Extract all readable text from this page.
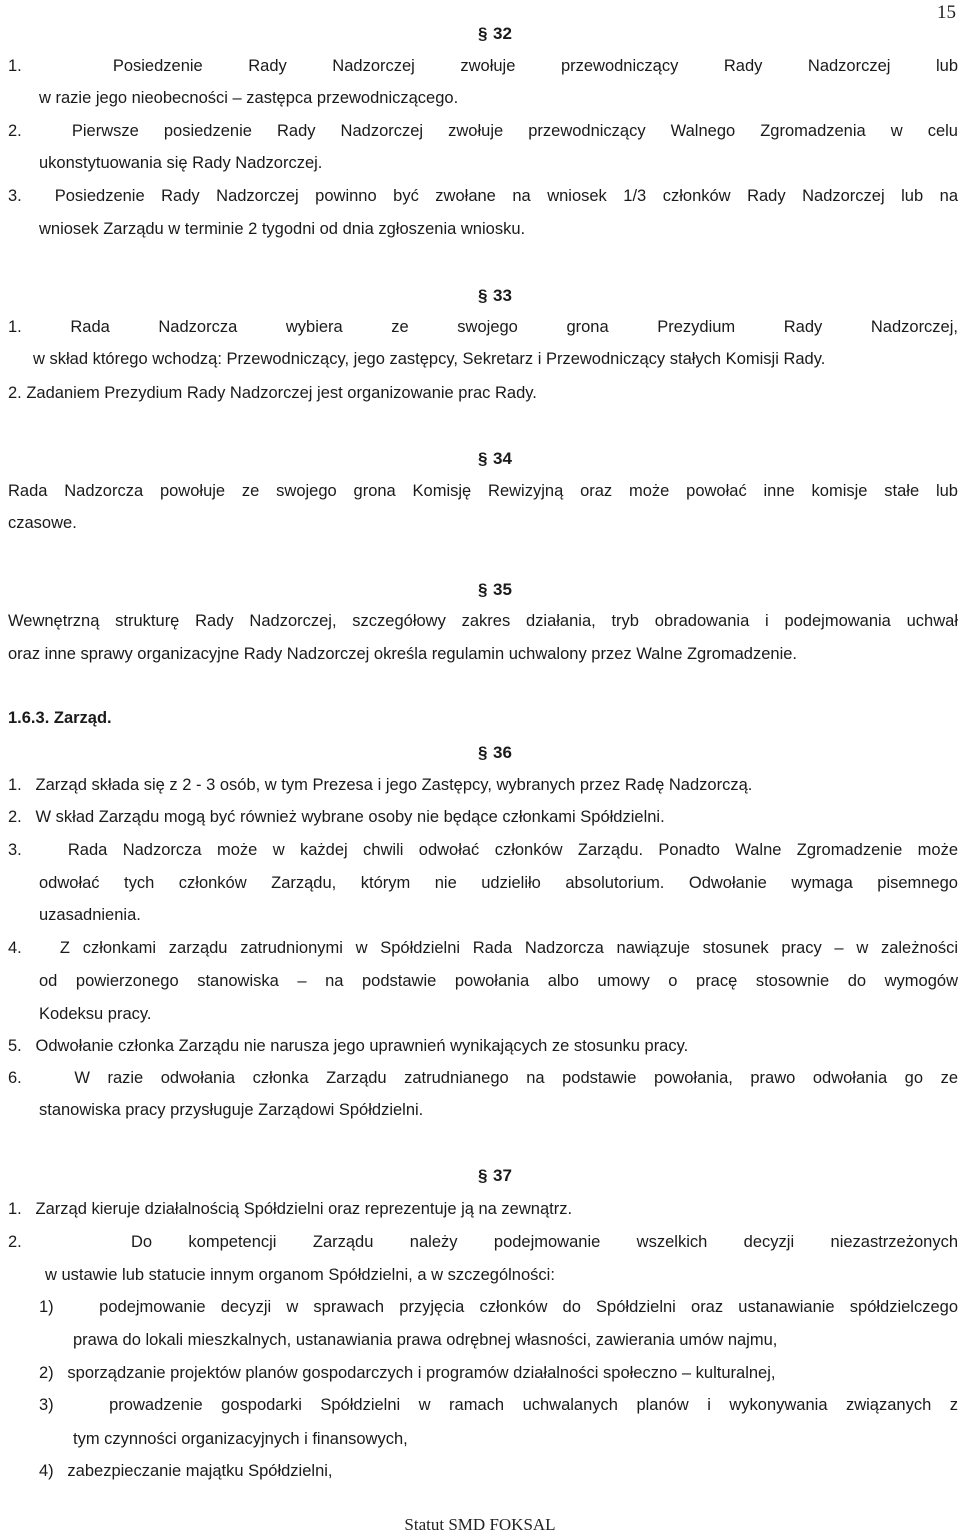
15
§ 32
1.  Posiedzenie Rady Nadzorczej zwołuje przewodniczący Rady Nadzorczej lub
w razie jego nieobecności – zastępca przewodniczącego.
2.  Pierwsze posiedzenie Rady Nadzorczej zwołuje przewodniczący Walnego Zgromadzenia w celu
ukonstytuowania się Rady Nadzorczej.
3.  Posiedzenie Rady Nadzorczej powinno być zwołane na wniosek 1/3 członków Rady Nadzorczej lub na
wniosek Zarządu w terminie 2 tygodni od dnia zgłoszenia wniosku.
§ 33
1. Rada Nadzorcza wybiera ze swojego grona Prezydium Rady Nadzorczej,
w skład którego wchodzą: Przewodniczący, jego zastępcy, Sekretarz i Przewodniczący stałych Komisji Rady.
2. Zadaniem Prezydium Rady Nadzorczej jest organizowanie prac Rady.
§ 34
Rada Nadzorcza powołuje ze swojego grona Komisję Rewizyjną oraz może powołać inne komisje stałe lub
czasowe.
§ 35
Wewnętrzną strukturę Rady Nadzorczej, szczegółowy zakres działania, tryb obradowania i podejmowania uchwał
oraz inne sprawy organizacyjne Rady Nadzorczej określa regulamin uchwalony przez Walne Zgromadzenie.
1.6.3. Zarząd.
§ 36
1.   Zarząd składa się z 2 - 3 osób, w tym Prezesa i jego Zastępcy, wybranych przez Radę Nadzorczą.
2.   W skład Zarządu mogą być również wybrane osoby nie będące członkami Spółdzielni.
3.   Rada Nadzorcza może w każdej chwili odwołać członków Zarządu. Ponadto Walne Zgromadzenie może
odwołać tych członków Zarządu, którym nie udzieliło absolutorium. Odwołanie wymaga pisemnego
uzasadnienia.
4.   Z członkami zarządu zatrudnionymi w Spółdzielni Rada Nadzorcza nawiązuje stosunek pracy – w zależności
od powierzonego stanowiska – na podstawie powołania albo umowy o pracę stosownie do wymogów
Kodeksu pracy.
5.   Odwołanie członka Zarządu nie narusza jego uprawnień wynikających ze stosunku pracy.
6.   W razie odwołania członka Zarządu zatrudnianego na podstawie powołania, prawo odwołania go ze
stanowiska pracy przysługuje Zarządowi Spółdzielni.
§ 37
1.   Zarząd kieruje działalnością Spółdzielni oraz reprezentuje ją na zewnątrz.
2.   Do kompetencji Zarządu należy podejmowanie wszelkich decyzji niezastrzeżonych
w ustawie lub statucie innym organom Spółdzielni, a w szczególności:
1)   podejmowanie decyzji w sprawach przyjęcia członków do Spółdzielni oraz ustanawianie spółdzielczego
prawa do lokali mieszkalnych, ustanawiania prawa odrębnej własności, zawierania umów najmu,
2)   sporządzanie projektów planów gospodarczych i programów działalności społeczno – kulturalnej,
3)   prowadzenie gospodarki Spółdzielni w ramach uchwalanych planów i wykonywania związanych z
tym czynności organizacyjnych i finansowych,
4)   zabezpieczanie majątku Spółdzielni,
Statut SMD FOKSAL
